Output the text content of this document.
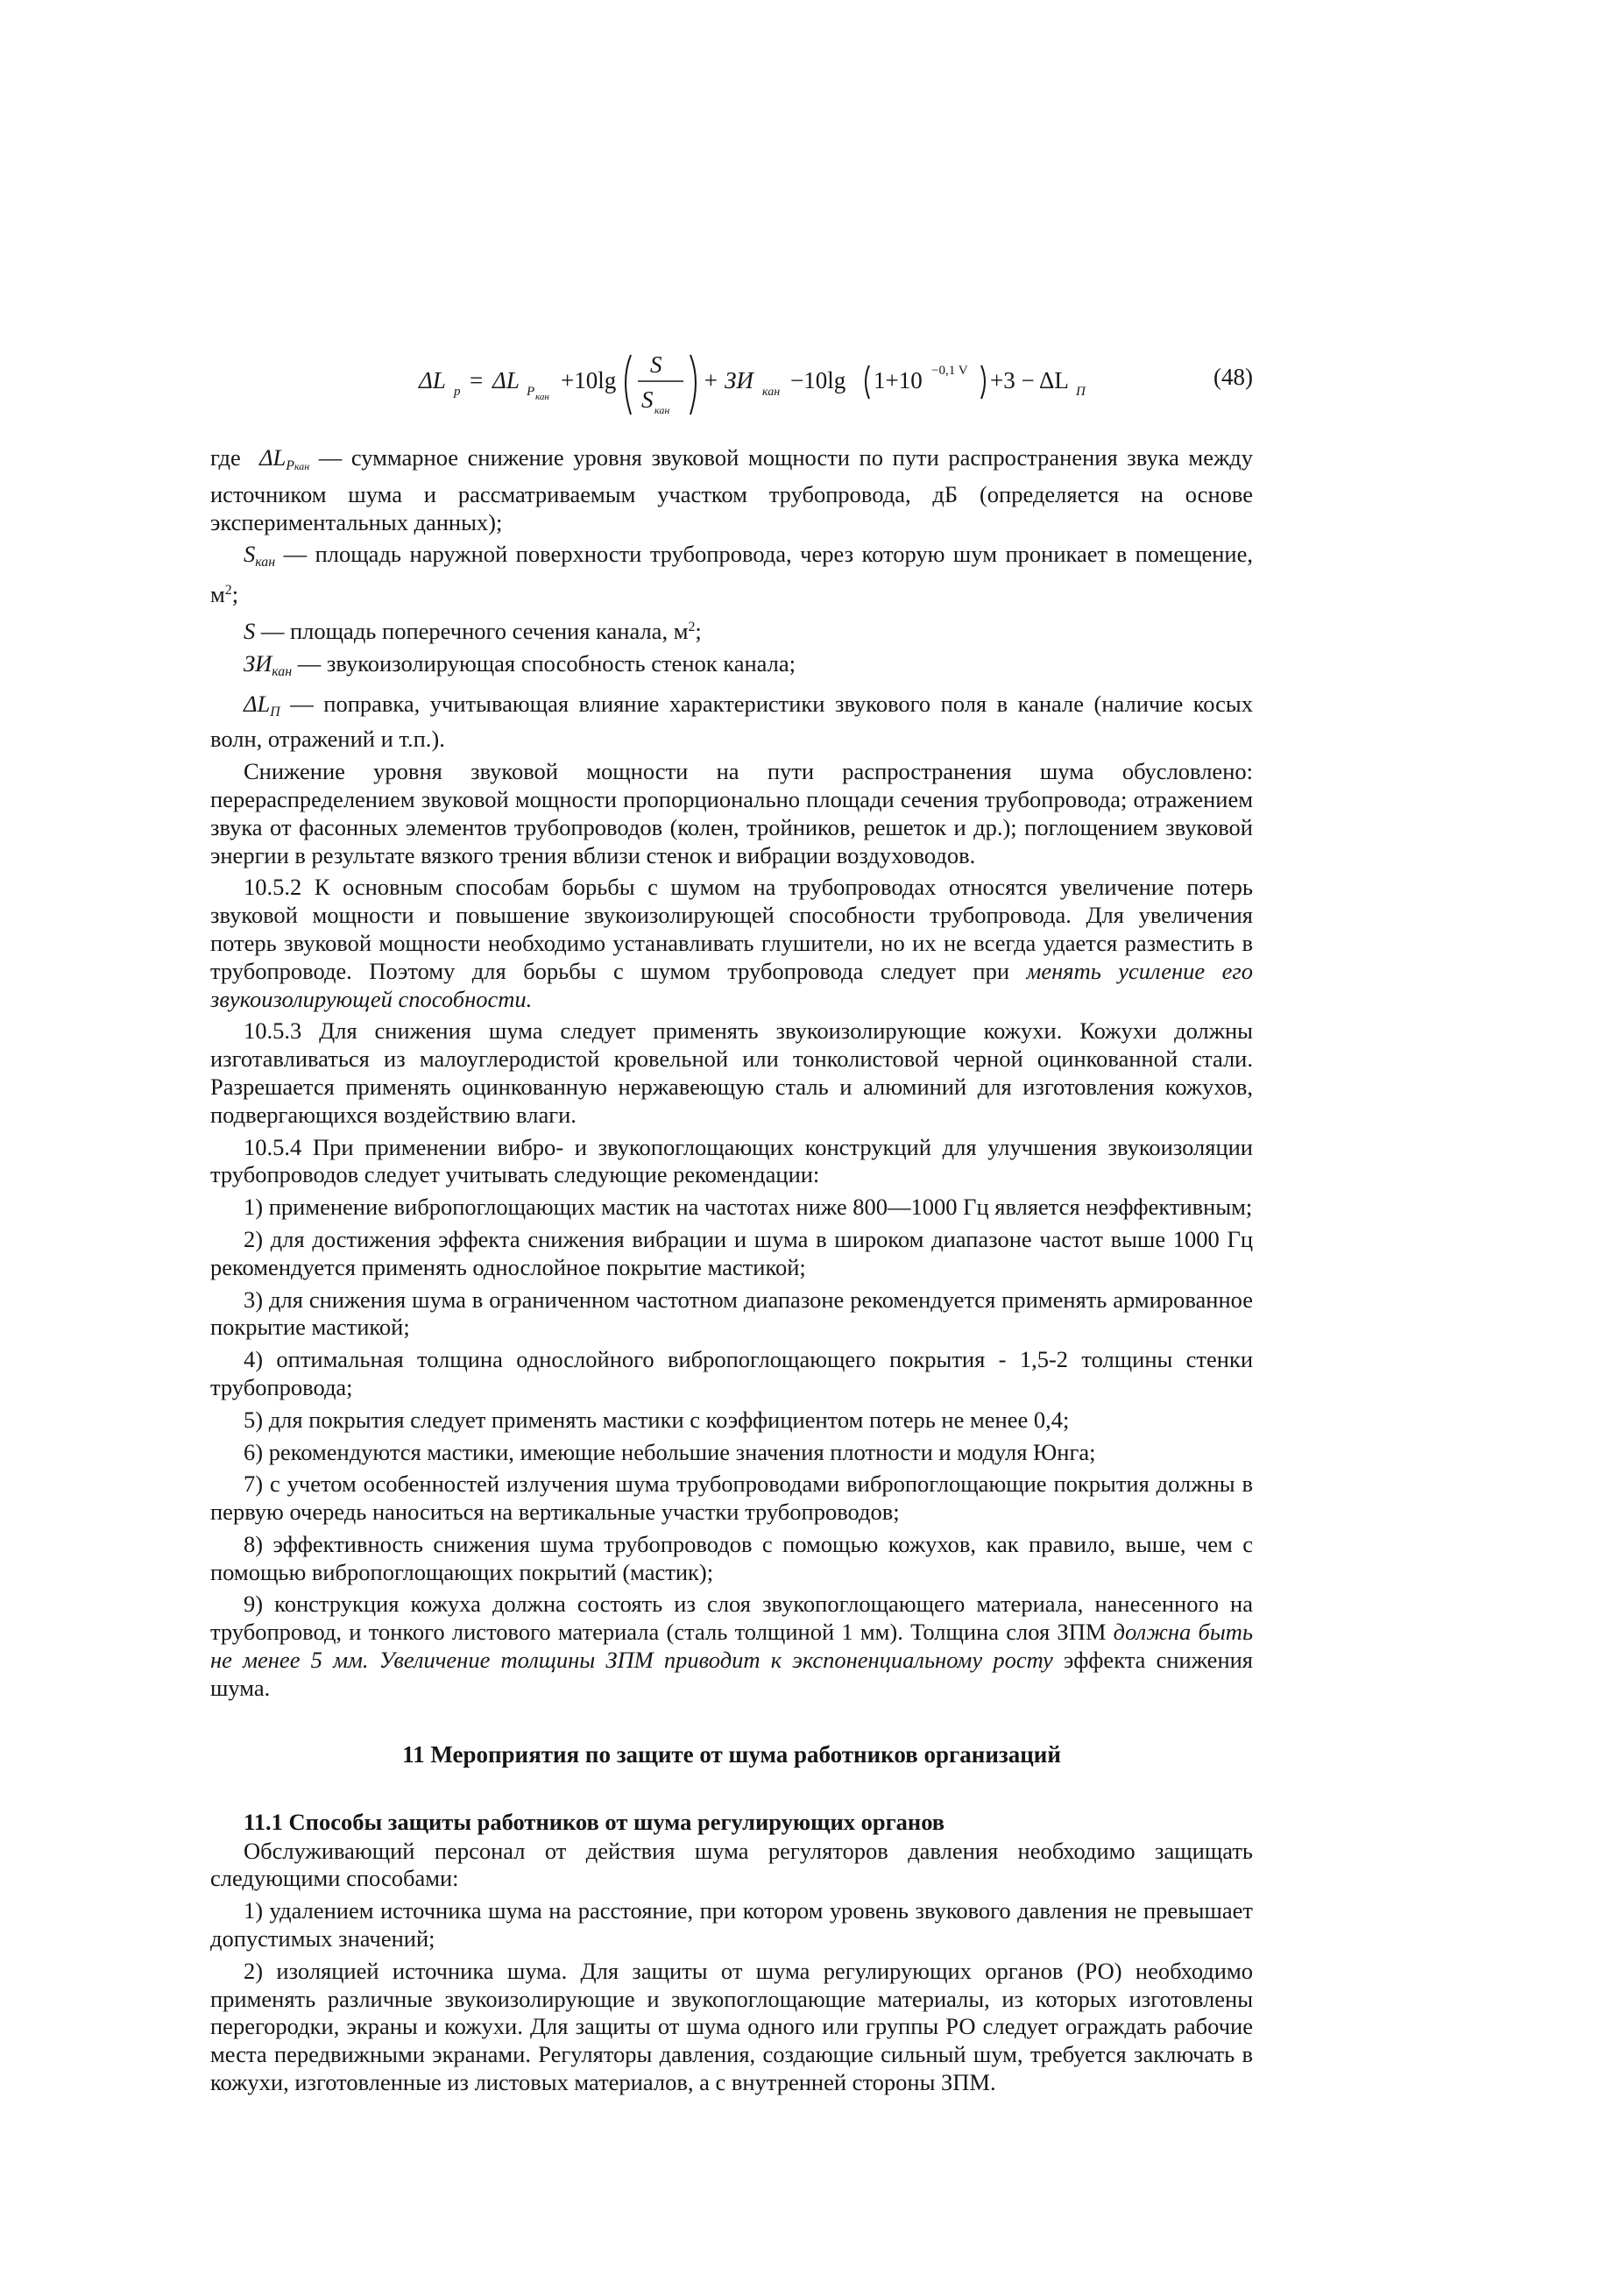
ΔL p = ΔL P кан
+10lg
S
S кан
+ ЗИ кан −10lg 1+10 −0,1 V +3 − ΔL П
(48)

где $\Delta L_{Pкан}$ — суммарное снижение уровня звуковой мощности по пути распространения звука между источником шума и рассматриваемым участком трубопровода, дБ (определяется на основе экспериментальных данных);

$S_{кан}$ — площадь наружной поверхности трубопровода, через которую шум проникает в помещение, $м^2$;

S — площадь поперечного сечения канала, $м^2$;

$ЗИ_{кан}$ — звукоизолирующая способность стенок канала;

$\Delta L_П$ — поправка, учитывающая влияние характеристики звукового поля в канале (наличие косых волн, отражений и т.п.).

Снижение уровня звуковой мощности на пути распространения шума обусловлено: перераспределением звуковой мощности пропорционально площади сечения трубопровода; отражением звука от фасонных элементов трубопроводов (колен, тройников, решеток и др.); поглощением звуковой энергии в результате вязкого трения вблизи стенок и вибрации воздуховодов.

10.5.2 К основным способам борьбы с шумом на трубопроводах относятся увеличение потерь звуковой мощности и повышение звукоизолирующей способности трубопровода. Для увеличения потерь звуковой мощности необходимо устанавливать глушители, но их не всегда удается разместить в трубопроводе. Поэтому для борьбы с шумом трубопровода следует при менять усиление его звукоизолирующей способности.

10.5.3 Для снижения шума следует применять звукоизолирующие кожухи. Кожухи должны изготавливаться из малоуглеродистой кровельной или тонколистовой черной оцинкованной стали. Разрешается применять оцинкованную нержавеющую сталь и алюминий для изготовления кожухов, подвергающихся воздействию влаги.

10.5.4 При применении вибро- и звукопоглощающих конструкций для улучшения звукоизоляции трубопроводов следует учитывать следующие рекомендации:

1) применение вибропоглощающих мастик на частотах ниже 800—1000 Гц является неэффективным;

2) для достижения эффекта снижения вибрации и шума в широком диапазоне частот выше 1000 Гц рекомендуется применять однослойное покрытие мастикой;

3) для снижения шума в ограниченном частотном диапазоне рекомендуется применять армированное покрытие мастикой;

4) оптимальная толщина однослойного вибропоглощающего покрытия - 1,5-2 толщины стенки трубопровода;

5) для покрытия следует применять мастики с коэффициентом потерь не менее 0,4;

6) рекомендуются мастики, имеющие небольшие значения плотности и модуля Юнга;

7) с учетом особенностей излучения шума трубопроводами вибропоглощающие покрытия должны в первую очередь наноситься на вертикальные участки трубопроводов;

8) эффективность снижения шума трубопроводов с помощью кожухов, как правило, выше, чем с помощью вибропоглощающих покрытий (мастик);

9) конструкция кожуха должна состоять из слоя звукопоглощающего материала, нанесенного на трубопровод, и тонкого листового материала (сталь толщиной 1 мм). Толщина слоя ЗПМ должна быть не менее 5 мм. Увеличение толщины ЗПМ приводит к экспоненциальному росту эффекта снижения шума.

11 Мероприятия по защите от шума работников организаций
11.1 Способы защиты работников от шума регулирующих органов

Обслуживающий персонал от действия шума регуляторов давления необходимо защищать следующими способами:

1) удалением источника шума на расстояние, при котором уровень звукового давления не превышает допустимых значений;

2) изоляцией источника шума. Для защиты от шума регулирующих органов (РО) необходимо применять различные звукоизолирующие и звукопоглощающие материалы, из которых изготовлены перегородки, экраны и кожухи. Для защиты от шума одного или группы РО следует ограждать рабочие места передвижными экранами. Регуляторы давления, создающие сильный шум, требуется заключать в кожухи, изготовленные из листовых материалов, а с внутренней стороны ЗПМ.
